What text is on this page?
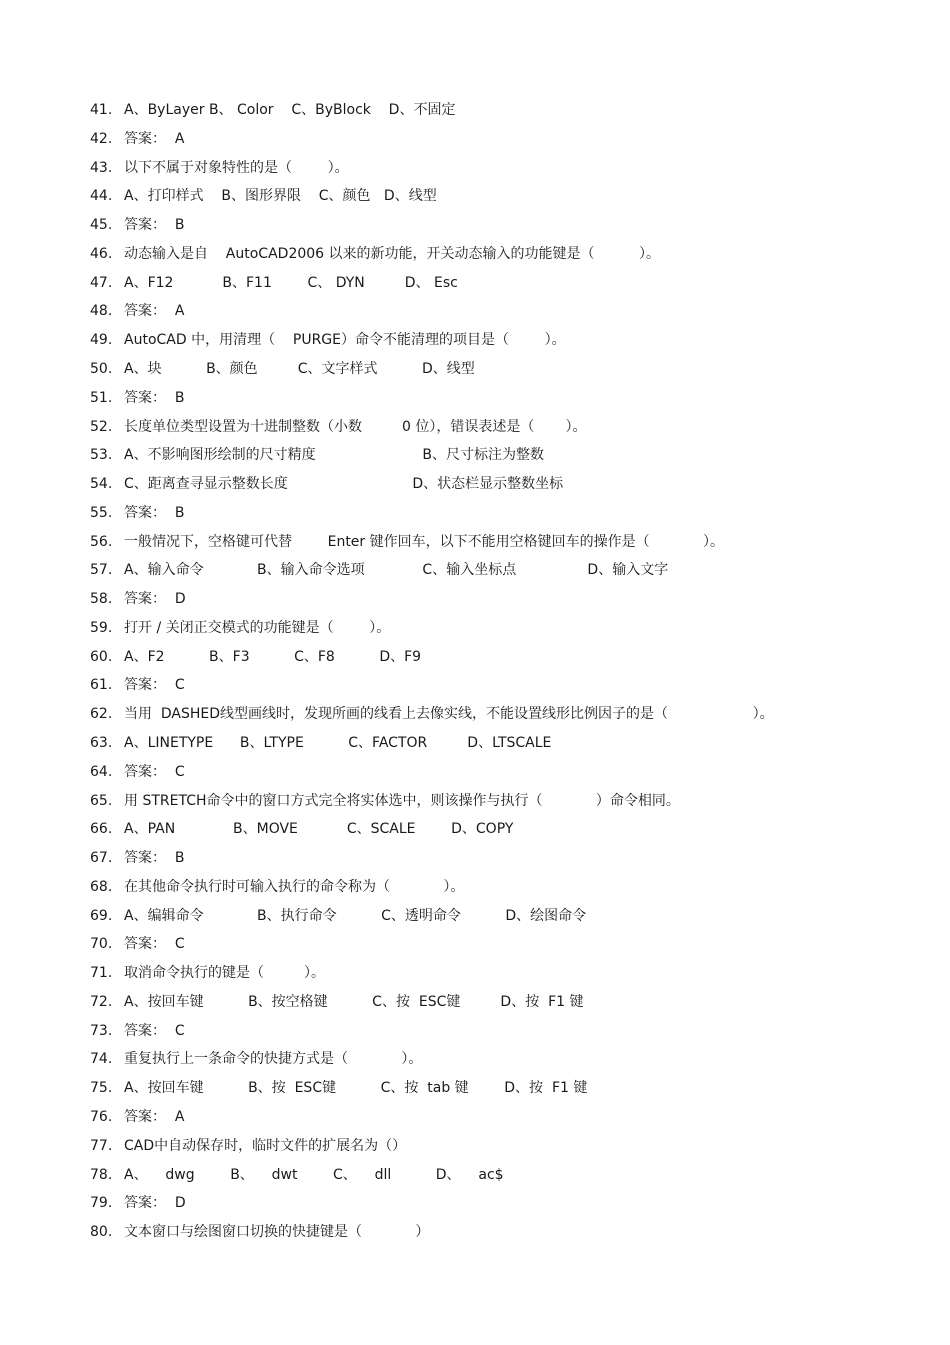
41. A、ByLayer B、 Color    C、ByBlock    D、不固定
42. 答案：  A
43. 以下不属于对象特性的是（        ）。
44. A、打印样式    B、图形界限    C、颜色   D、线型
45. 答案：  B
46. 动态输入是自    AutoCAD2006 以来的新功能，开关动态输入的功能键是（          ）。
47. A、F12           B、F11        C、 DYN         D、 Esc
48. 答案：  A
49. AutoCAD 中，用清理（    PURGE）命令不能清理的项目是（        ）。
50. A、块          B、颜色         C、文字样式          D、线型
51. 答案：  B
52. 长度单位类型设置为十进制整数（小数         0 位），错误表述是（       ）。
53. A、不影响图形绘制的尺寸精度                        B、尺寸标注为整数
54. C、距离查寻显示整数长度                            D、状态栏显示整数坐标
55. 答案：  B
56. 一般情况下，空格键可代替        Enter 键作回车，以下不能用空格键回车的操作是（            ）。
57. A、输入命令            B、输入命令选项             C、输入坐标点                D、输入文字
58. 答案：  D
59. 打开 / 关闭正交模式的功能键是（        ）。
60. A、F2          B、F3          C、F8          D、F9
61. 答案：  C
62. 当用  DASHED线型画线时，发现所画的线看上去像实线，不能设置线形比例因子的是（                   ）。
63. A、LINETYPE      B、LTYPE          C、FACTOR         D、LTSCALE
64. 答案：  C
65. 用 STRETCH命令中的窗口方式完全将实体选中，则该操作与执行（            ）命令相同。
66. A、PAN             B、MOVE           C、SCALE        D、COPY
67. 答案：  B
68. 在其他命令执行时可输入执行的命令称为（            ）。
69. A、编辑命令            B、执行命令          C、透明命令          D、绘图命令
70. 答案：  C
71. 取消命令执行的键是（         ）。
72. A、按回车键          B、按空格键          C、按  ESC键         D、按  F1 键
73. 答案：  C
74. 重复执行上一条命令的快捷方式是（            ）。
75. A、按回车键          B、按  ESC键          C、按  tab 键        D、按  F1 键
76. 答案：  A
77. CAD中自动保存时，临时文件的扩展名为（）
78. A、    dwg        B、    dwt        C、    dll          D、    ac$
79. 答案：  D
80. 文本窗口与绘图窗口切换的快捷键是（            ）
